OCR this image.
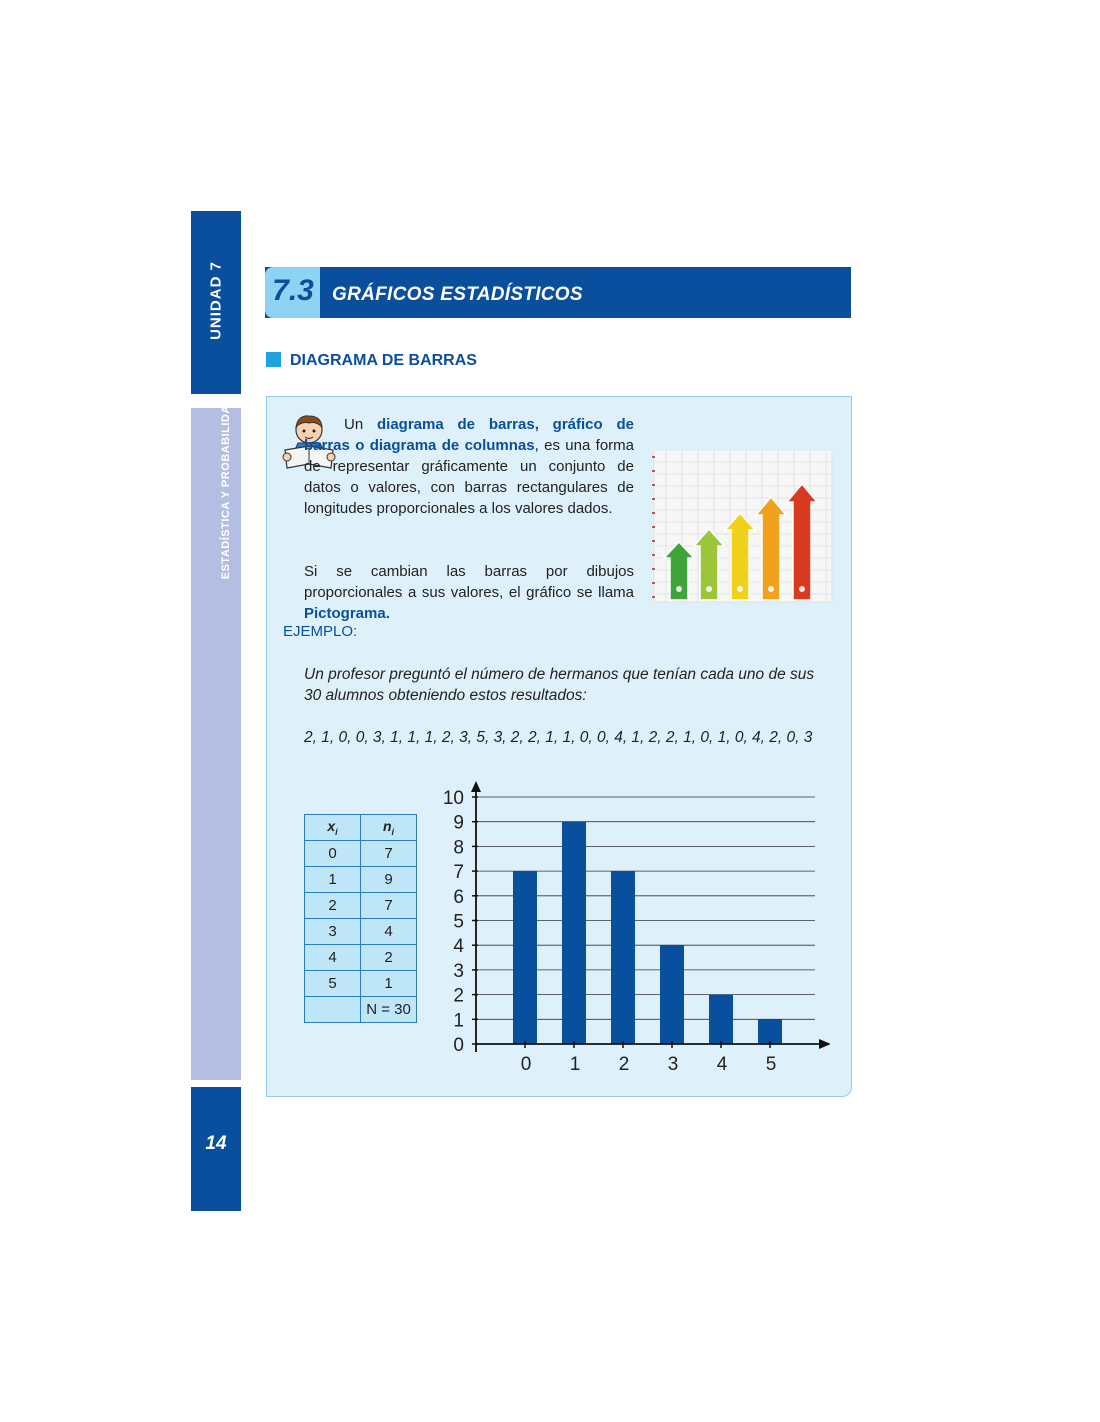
UNIDAD 7
ESTADÍSTICA Y PROBABILIDAD
14
7.3 GRÁFICOS ESTADÍSTICOS
DIAGRAMA DE BARRAS
Un diagrama de barras, gráfico de barras o diagrama de columnas, es una forma de representar gráficamente un conjunto de datos o valores, con barras rectangulares de longitudes proporcionales a los valores dados.
Si se cambian las barras por dibujos proporcionales a sus valores, el gráfico se llama Pictograma.
EJEMPLO:
Un profesor preguntó el número de hermanos que tenían cada uno de sus 30 alumnos obteniendo estos resultados:
2, 1, 0, 0, 3, 1, 1, 1, 2, 3, 5, 3, 2, 2, 1, 1, 0, 0, 4, 1, 2, 2, 1, 0, 1, 0, 4, 2, 0, 3
$x_i$	$n_i$
0	7
1	9
2	7
3	4
4	2
5	1
	N = 30
0
1
2
3
4
5
6
7
8
9
10
0 1 2 3 4 5
